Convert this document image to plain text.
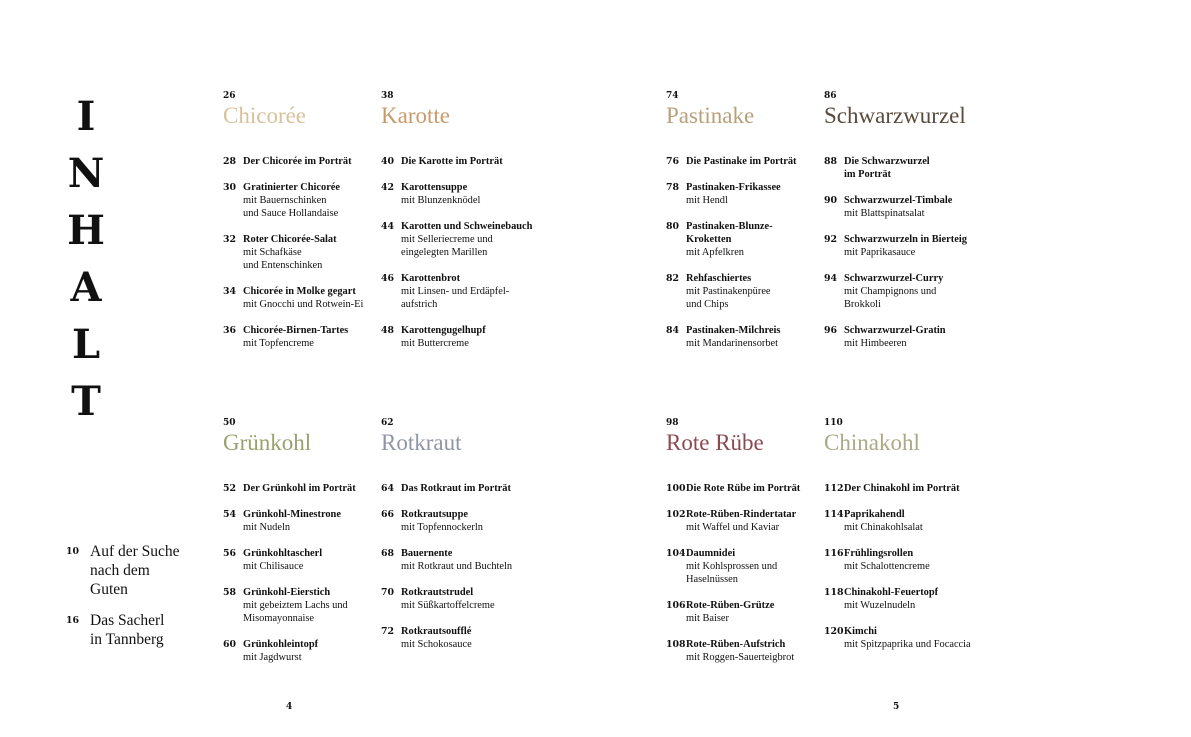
I
N
H
A
L
T
26
Chicorée
28 Der Chicorée im Porträt
30 Gratinierter Chicorée
mit Bauernschinken
und Sauce Hollandaise
32 Roter Chicorée-Salat
mit Schafkäse
und Entenschinken
34 Chicorée in Molke gegart
mit Gnocchi und Rotwein-Ei
36 Chicorée-Birnen-Tartes
mit Topfencreme
38
Karotte
40 Die Karotte im Porträt
42 Karottensuppe
mit Blunzenknödel
44 Karotten und Schweinebauch
mit Selleriecreme und
eingelegten Marillen
46 Karottenbrot
mit Linsen- und Erdäpfel-
aufstrich
48 Karottengugelhupf
mit Buttercreme
74
Pastinake
76 Die Pastinake im Porträt
78 Pastinaken-Frikassee
mit Hendl
80 Pastinaken-Blunze-
Kroketten
mit Apfelkren
82 Rehfaschiertes
mit Pastinakenpüree
und Chips
84 Pastinaken-Milchreis
mit Mandarinensorbet
86
Schwarzwurzel
88 Die Schwarzwurzel
im Porträt
90 Schwarzwurzel-Timbale
mit Blattspinatsalat
92 Schwarzwurzeln in Bierteig
mit Paprikasauce
94 Schwarzwurzel-Curry
mit Champignons und
Brokkoli
96 Schwarzwurzel-Gratin
mit Himbeeren
50
Grünkohl
52 Der Grünkohl im Porträt
54 Grünkohl-Minestrone
mit Nudeln
56 Grünkohltascherl
mit Chilisauce
58 Grünkohl-Eierstich
mit gebeiztem Lachs und
Misomayonnaise
60 Grünkohleintopf
mit Jagdwurst
62
Rotkraut
64 Das Rotkraut im Porträt
66 Rotkrautsuppe
mit Topfennockerln
68 Bauernente
mit Rotkraut und Buchteln
70 Rotkrautstrudel
mit Süßkartoffelcreme
72 Rotkrautsoufflé
mit Schokosauce
98
Rote Rübe
100 Die Rote Rübe im Porträt
102 Rote-Rüben-Rindertatar
mit Waffel und Kaviar
104 Daumnidei
mit Kohlsprossen und
Haselnüssen
106 Rote-Rüben-Grütze
mit Baiser
108 Rote-Rüben-Aufstrich
mit Roggen-Sauerteigbrot
110
Chinakohl
112 Der Chinakohl im Porträt
114 Paprikahendl
mit Chinakohlsalat
116 Frühlingsrollen
mit Schalottencreme
118 Chinakohl-Feuertopf
mit Wuzelnudeln
120 Kimchi
mit Spitzpaprika und Focaccia
10 Auf der Suche
nach dem
Guten
16 Das Sacherl
in Tannberg
4	5
